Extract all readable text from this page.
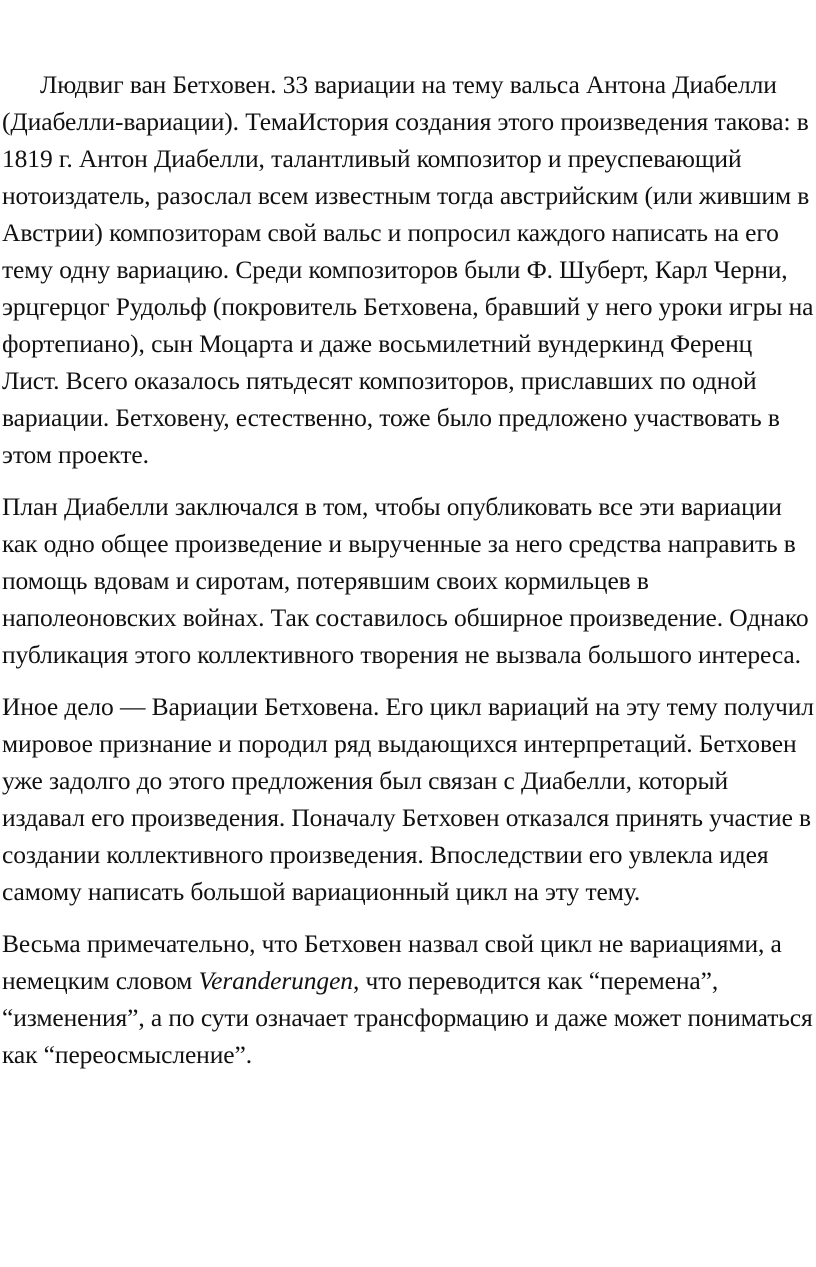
Людвиг ван Бетховен. 33 вариации на тему вальса Антона Диабелли (Диабелли-вариации). ТемаИстория создания этого произведения такова: в 1819 г. Антон Диабелли, талантливый композитор и преуспевающий нотоиздатель, разослал всем известным тогда австрийским (или жившим в Австрии) композиторам свой вальс и попросил каждого написать на его тему одну вариацию. Среди композиторов были Ф. Шуберт, Карл Черни, эрцгерцог Рудольф (покровитель Бетховена, бравший у него уроки игры на фортепиано), сын Моцарта и даже восьмилетний вундеркинд Ференц Лист. Всего оказалось пятьдесят композиторов, приславших по одной вариации. Бетховену, естественно, тоже было предложено участвовать в этом проекте.

План Диабелли заключался в том, чтобы опубликовать все эти вариации как одно общее произведение и вырученные за него средства направить в помощь вдовам и сиротам, потерявшим своих кормильцев в наполеоновских войнах. Так составилось обширное произведение. Однако публикация этого коллективного творения не вызвала большого интереса.

Иное дело — Вариации Бетховена. Его цикл вариаций на эту тему получил мировое признание и породил ряд выдающихся интерпретаций. Бетховен уже задолго до этого предложения был связан с Диабелли, который издавал его произведения. Поначалу Бетховен отказался принять участие в создании коллективного произведения. Впоследствии его увлекла идея самому написать большой вариационный цикл на эту тему.

Весьма примечательно, что Бетховен назвал свой цикл не вариациями, а немецким словом Veranderungen, что переводится как “перемена”, “изменения”, а по сути означает трансформацию и даже может пониматься как “переосмысление”.
